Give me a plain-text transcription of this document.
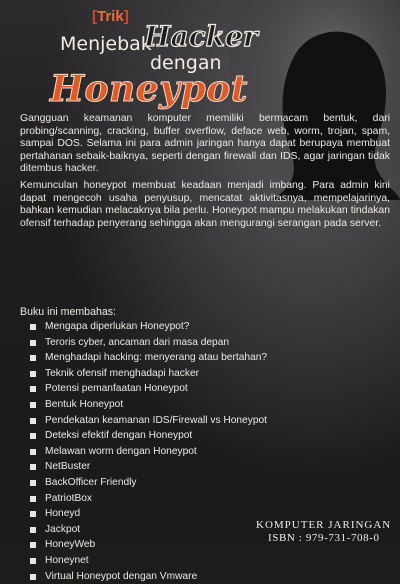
[Trik]
Menjebak
Hacker
dengan
Honeypot

Gangguan keamanan komputer memiliki bermacam bentuk, dari probing/scanning, cracking, buffer overflow, deface web, worm, trojan, spam, sampai DOS. Selama ini para admin jaringan hanya dapat berupaya membuat pertahanan sebaik-baiknya, seperti dengan firewall dan IDS, agar jaringan tidak ditembus hacker.

Kemunculan honeypot membuat keadaan menjadi imbang. Para admin kini dapat mengecoh usaha penyusup, mencatat aktivitasnya, mempelajarinya, bahkan kemudian melacaknya bila perlu. Honeypot mampu melakukan tindakan ofensif terhadap penyerang sehingga akan mengurangi serangan pada server.

Buku ini membahas:
Mengapa diperlukan Honeypot?
Teroris cyber, ancaman dari masa depan
Menghadapi hacking: menyerang atau bertahan?
Teknik ofensif menghadapi hacker
Potensi pemanfaatan Honeypot
Bentuk Honeypot
Pendekatan keamanan IDS/Firewall vs Honeypot
Deteksi efektif dengan Honeypot
Melawan worm dengan Honeypot
NetBuster
BackOfficer Friendly
PatriotBox
Honeyd
Jackpot
HoneyWeb
Honeynet
Virtual Honeypot dengan Vmware
KOMPUTER JARINGAN
ISBN : 979-731-708-0
